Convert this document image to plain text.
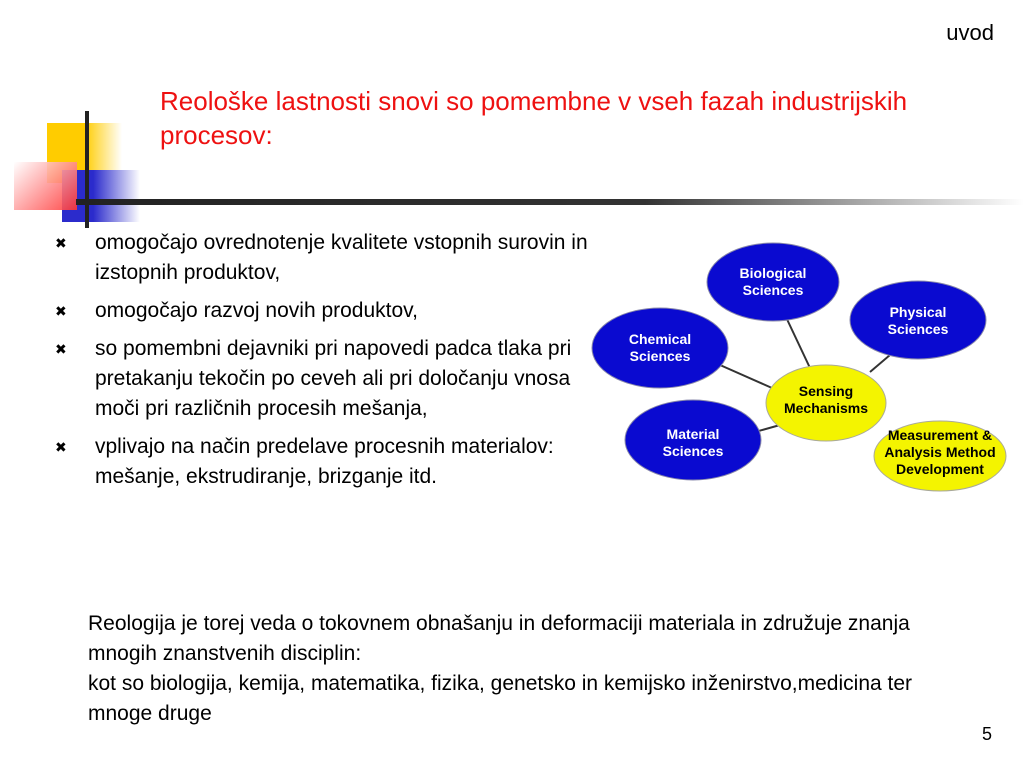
uvod
Reološke lastnosti snovi so pomembne v vseh fazah industrijskih procesov:
✖ omogočajo ovrednotenje kvalitete vstopnih surovin in izstopnih produktov,
✖ omogočajo razvoj novih produktov,
✖ so pomembni dejavniki pri napovedi padca tlaka pri pretakanju tekočin po ceveh ali pri določanju vnosa moči pri različnih procesih mešanja,
✖ vplivajo na način predelave procesnih materialov: mešanje, ekstrudiranje, brizganje itd.
Biological
Sciences
Physical
Sciences
Chemical
Sciences
Material
Sciences
Sensing
Mechanisms
Measurement &
Analysis Method
Development
Reologija je torej veda o tokovnem obnašanju in deformaciji materiala in združuje znanja mnogih znanstvenih disciplin:
kot so biologija, kemija, matematika, fizika, genetsko in kemijsko inženirstvo,medicina ter mnoge druge
5
